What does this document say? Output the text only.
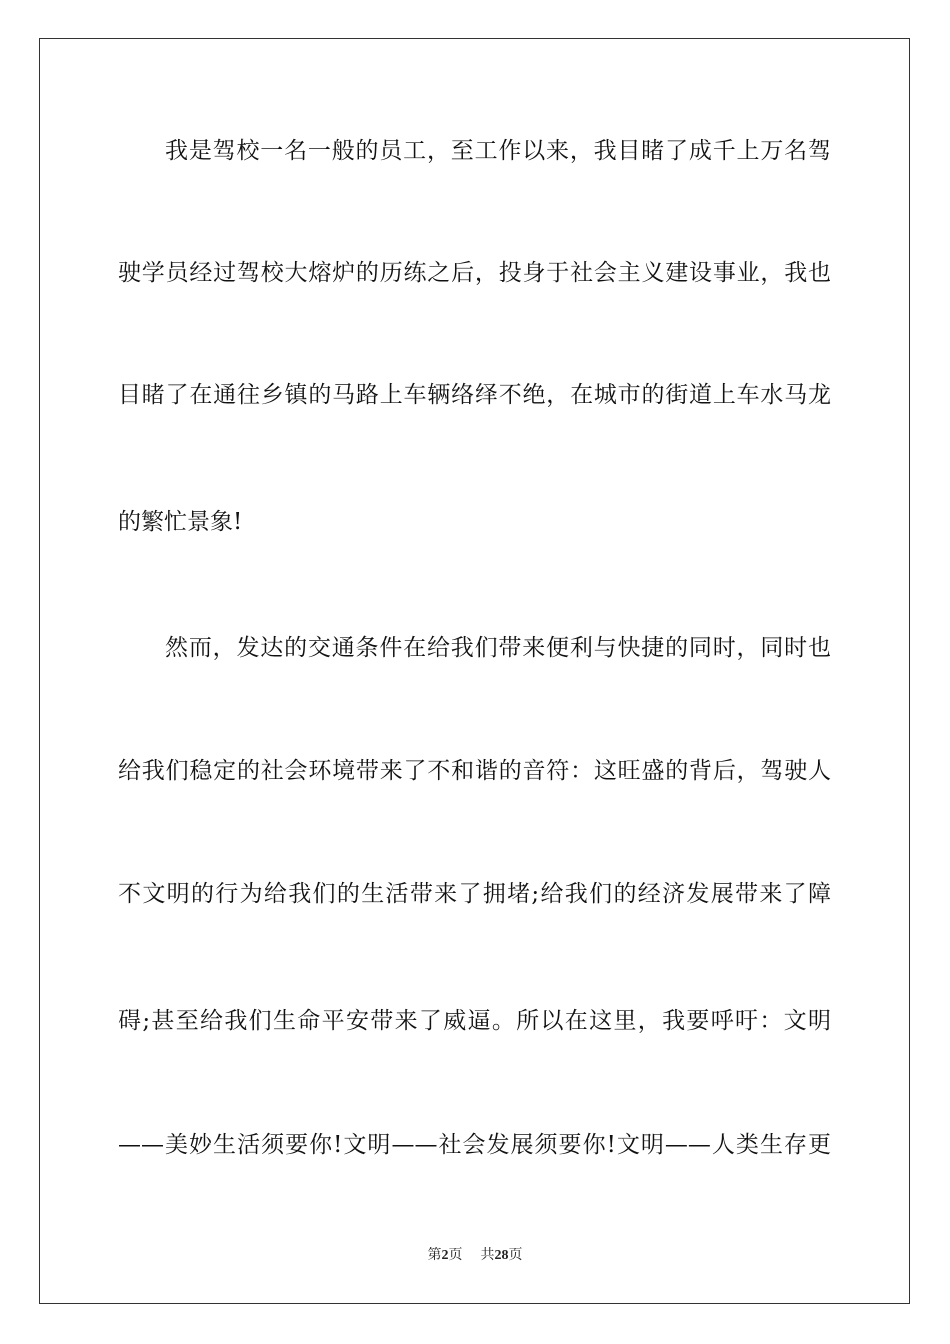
我是驾校一名一般的员工，至工作以来，我目睹了成千上万名驾
驶学员经过驾校大熔炉的历练之后，投身于社会主义建设事业，我也
目睹了在通往乡镇的马路上车辆络绎不绝，在城市的街道上车水马龙
的繁忙景象!
然而，发达的交通条件在给我们带来便利与快捷的同时，同时也
给我们稳定的社会环境带来了不和谐的音符：这旺盛的背后，驾驶人
不文明的行为给我们的生活带来了拥堵;给我们的经济发展带来了障
碍;甚至给我们生命平安带来了威逼。所以在这里，我要呼吁：文明
——美妙生活须要你!文明——社会发展须要你!文明——人类生存更
第2页 共28页
